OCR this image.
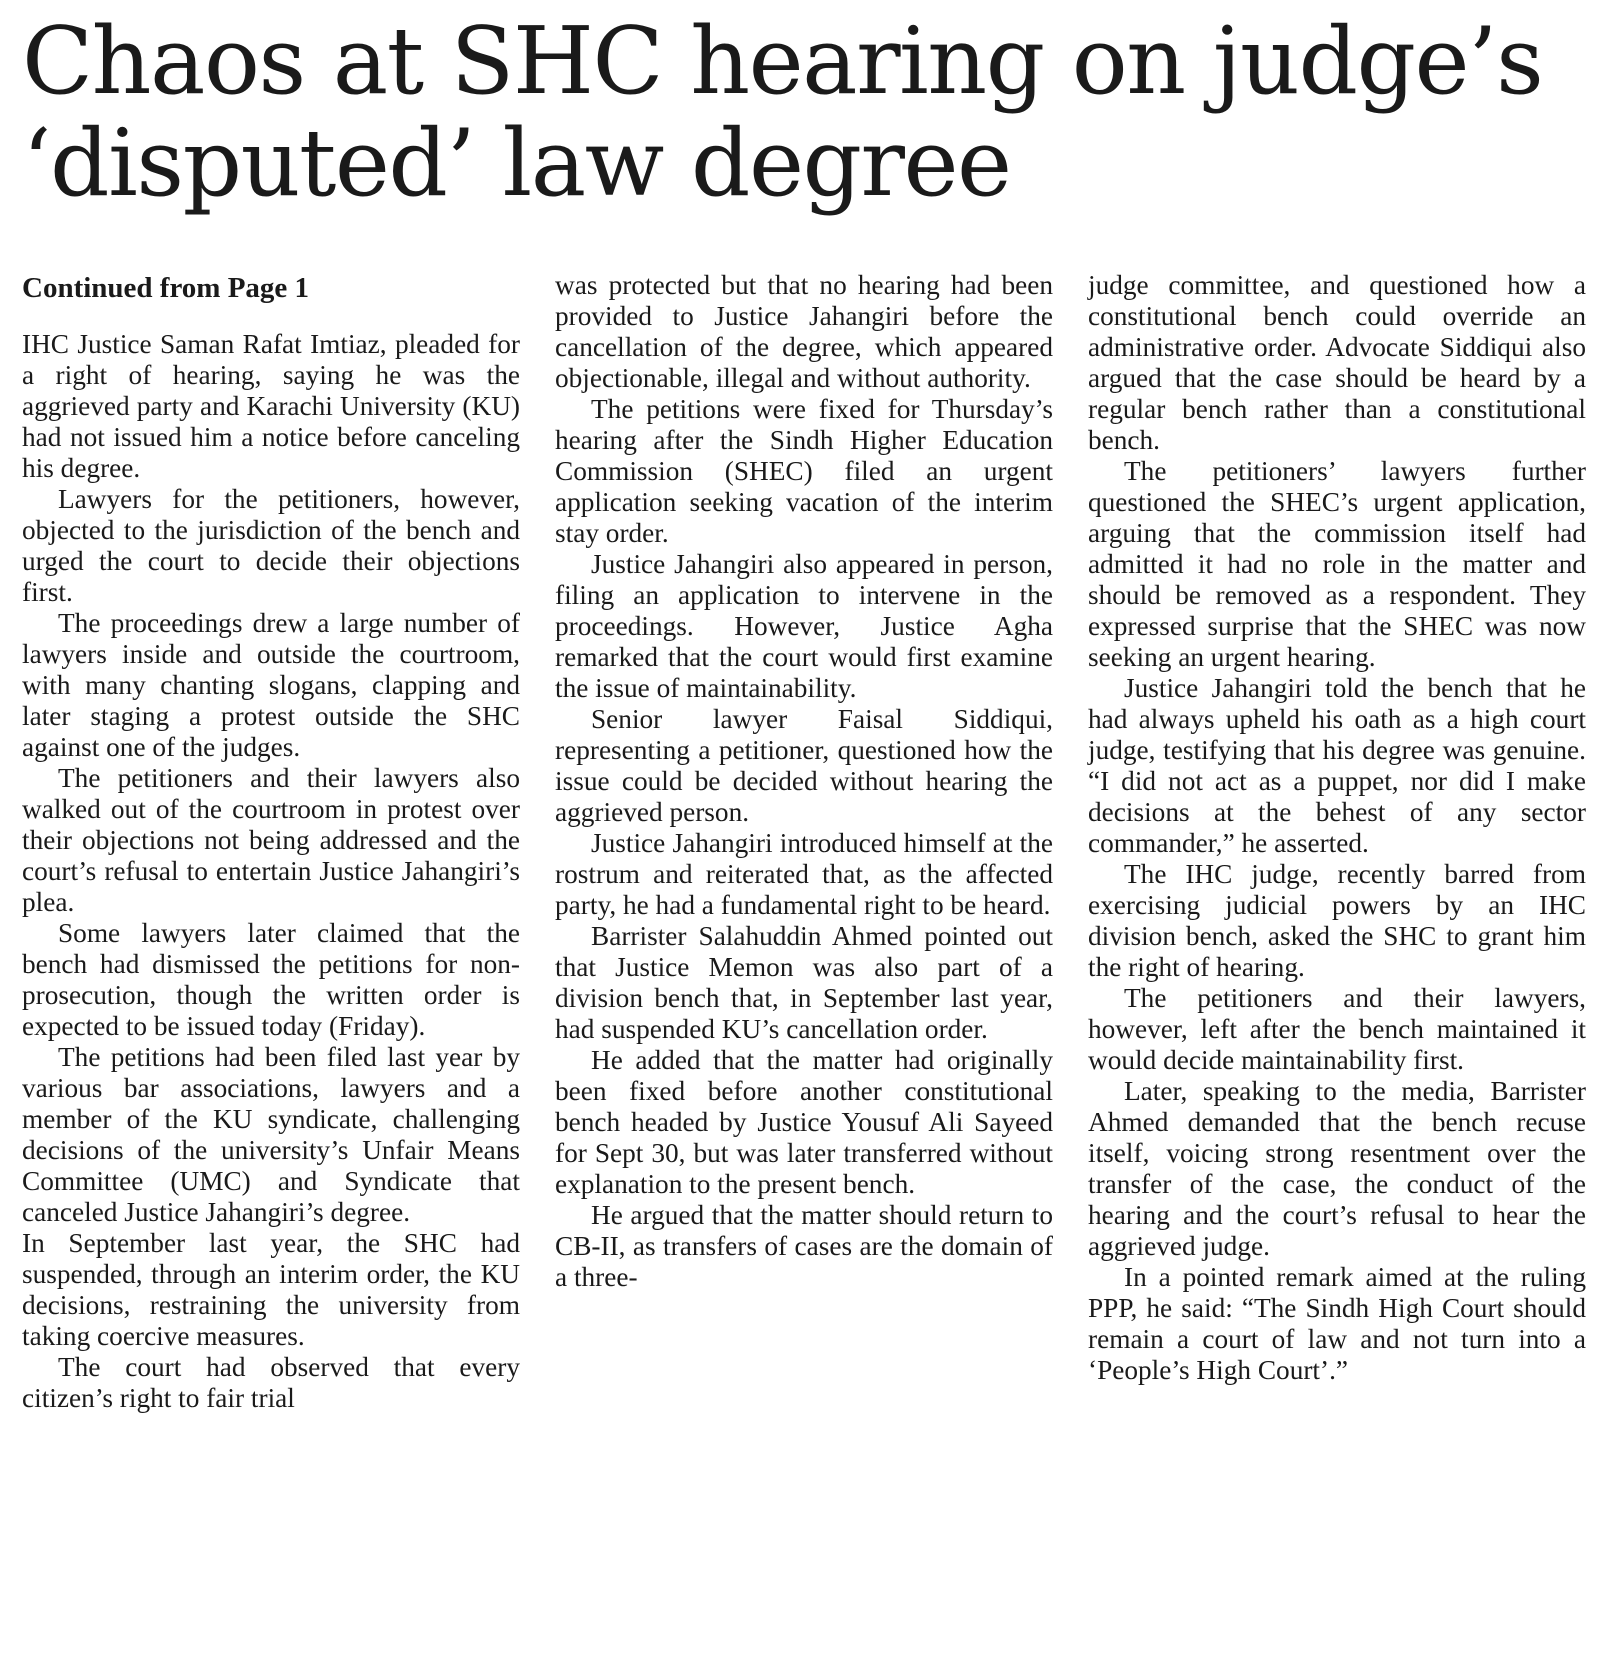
Chaos at SHC hearing on judge’s
‘disputed’ law degree
Continued from Page 1

IHC Justice Saman Rafat Imtiaz, pleaded for a right of hearing, saying he was the aggrieved party and Karachi University (KU) had not issued him a notice before canceling his degree.

Lawyers for the petitioners, however, objected to the jurisdiction of the bench and urged the court to decide their objections first.

The proceedings drew a large number of lawyers inside and outside the courtroom, with many chanting slogans, clapping and later staging a protest outside the SHC against one of the judges.

The petitioners and their lawyers also walked out of the courtroom in protest over their objections not being addressed and the court’s refusal to entertain Justice Jahangiri’s plea.

Some lawyers later claimed that the bench had dismissed the petitions for non-prosecution, though the written order is expected to be issued today (Friday).

The petitions had been filed last year by various bar associations, lawyers and a member of the KU syndicate, challenging decisions of the university’s Unfair Means Committee (UMC) and Syndicate that canceled Justice Jahangiri’s degree.

In September last year, the SHC had suspended, through an interim order, the KU decisions, restraining the university from taking coercive measures.

The court had observed that every citizen’s right to fair trial

was protected but that no hearing had been provided to Justice Jahangiri before the cancellation of the degree, which appeared objectionable, illegal and without authority.

The petitions were fixed for Thursday’s hearing after the Sindh Higher Education Commission (SHEC) filed an urgent application seeking vacation of the interim stay order.

Justice Jahangiri also appeared in person, filing an application to intervene in the proceedings. However, Justice Agha remarked that the court would first examine the issue of maintainability.

Senior lawyer Faisal Siddiqui, representing a petitioner, questioned how the issue could be decided without hearing the aggrieved person.

Justice Jahangiri introduced himself at the rostrum and reiterated that, as the affected party, he had a fundamental right to be heard.

Barrister Salahuddin Ahmed pointed out that Justice Memon was also part of a division bench that, in September last year, had suspended KU’s cancellation order.

He added that the matter had originally been fixed before another constitutional bench headed by Justice Yousuf Ali Sayeed for Sept 30, but was later transferred without explanation to the present bench.

He argued that the matter should return to CB-II, as transfers of cases are the domain of a three-

judge committee, and questioned how a constitutional bench could override an administrative order. Advocate Siddiqui also argued that the case should be heard by a regular bench rather than a constitutional bench.

The petitioners’ lawyers further questioned the SHEC’s urgent application, arguing that the commission itself had admitted it had no role in the matter and should be removed as a respondent. They expressed surprise that the SHEC was now seeking an urgent hearing.

Justice Jahangiri told the bench that he had always upheld his oath as a high court judge, testifying that his degree was genuine. “I did not act as a puppet, nor did I make decisions at the behest of any sector commander,” he asserted.

The IHC judge, recently barred from exercising judicial powers by an IHC division bench, asked the SHC to grant him the right of hearing.

The petitioners and their lawyers, however, left after the bench maintained it would decide maintainability first.

Later, speaking to the media, Barrister Ahmed demanded that the bench recuse itself, voicing strong resentment over the transfer of the case, the conduct of the hearing and the court’s refusal to hear the aggrieved judge.

In a pointed remark aimed at the ruling PPP, he said: “The Sindh High Court should remain a court of law and not turn into a ‘People’s High Court’.”
